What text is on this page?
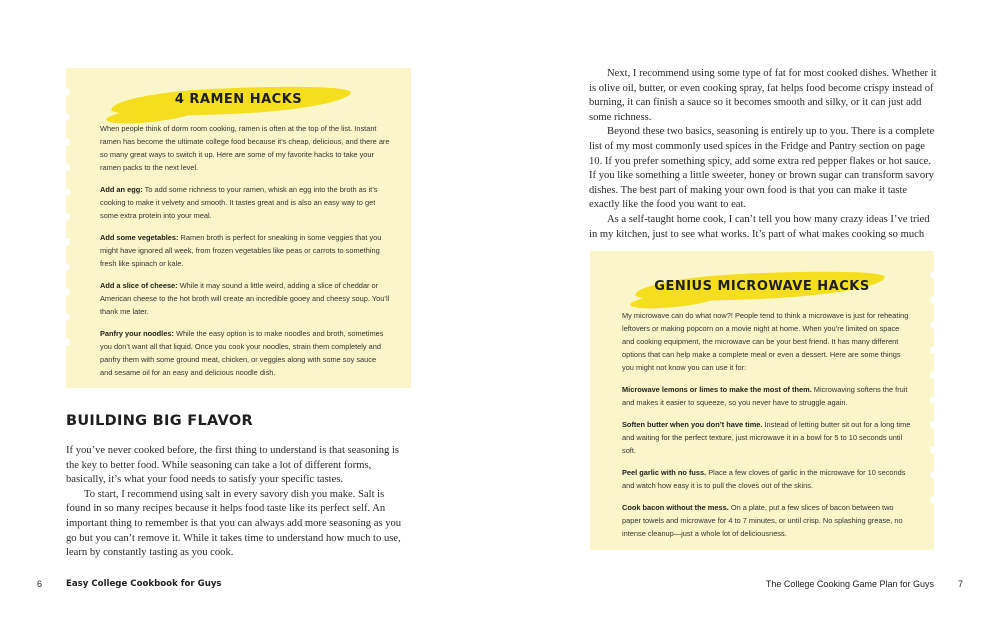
4 RAMEN HACKS

When people think of dorm room cooking, ramen is often at the top of the list. Instant ramen has become the ultimate college food because it’s cheap, delicious, and there are so many great ways to switch it up. Here are some of my favorite hacks to take your ramen packs to the next level.

Add an egg: To add some richness to your ramen, whisk an egg into the broth as it’s cooking to make it velvety and smooth. It tastes great and is also an easy way to get some extra protein into your meal.

Add some vegetables: Ramen broth is perfect for sneaking in some veggies that you might have ignored all week, from frozen vegetables like peas or carrots to something fresh like spinach or kale.

Add a slice of cheese: While it may sound a little weird, adding a slice of cheddar or American cheese to the hot broth will create an incredible gooey and cheesy soup. You’ll thank me later.

Panfry your noodles: While the easy option is to make noodles and broth, sometimes you don’t want all that liquid. Once you cook your noodles, strain them completely and panfry them with some ground meat, chicken, or veggies along with some soy sauce and sesame oil for an easy and delicious noodle dish.

BUILDING BIG FLAVOR

If you’ve never cooked before, the first thing to understand is that seasoning is the key to better food. While seasoning can take a lot of different forms, basically, it’s what your food needs to satisfy your specific tastes.

To start, I recommend using salt in every savory dish you make. Salt is found in so many recipes because it helps food taste like its perfect self. An important thing to remember is that you can always add more seasoning as you go but you can’t remove it. While it takes time to understand how much to use, learn by constantly tasting as you cook.

6	Easy College Cookbook for Guys

Next, I recommend using some type of fat for most cooked dishes. Whether it is olive oil, butter, or even cooking spray, fat helps food become crispy instead of burning, it can finish a sauce so it becomes smooth and silky, or it can just add some richness.

Beyond these two basics, seasoning is entirely up to you. There is a complete list of my most commonly used spices in the Fridge and Pantry section on page 10. If you prefer something spicy, add some extra red pepper flakes or hot sauce. If you like something a little sweeter, honey or brown sugar can transform savory dishes. The best part of making your own food is that you can make it taste exactly like the food you want to eat.

As a self-taught home cook, I can’t tell you how many crazy ideas I’ve tried in my kitchen, just to see what works. It’s part of what makes cooking so much

GENIUS MICROWAVE HACKS

My microwave can do what now?! People tend to think a microwave is just for reheating leftovers or making popcorn on a movie night at home. When you’re limited on space and cooking equipment, the microwave can be your best friend. It has many different options that can help make a complete meal or even a dessert. Here are some things you might not know you can use it for:

Microwave lemons or limes to make the most of them. Microwaving softens the fruit and makes it easier to squeeze, so you never have to struggle again.

Soften butter when you don’t have time. Instead of letting butter sit out for a long time and waiting for the perfect texture, just microwave it in a bowl for 5 to 10 seconds until soft.

Peel garlic with no fuss. Place a few cloves of garlic in the microwave for 10 seconds and watch how easy it is to pull the cloves out of the skins.

Cook bacon without the mess. On a plate, put a few slices of bacon between two paper towels and microwave for 4 to 7 minutes, or until crisp. No splashing grease, no intense cleanup—just a whole lot of deliciousness.

The College Cooking Game Plan for Guys	7
